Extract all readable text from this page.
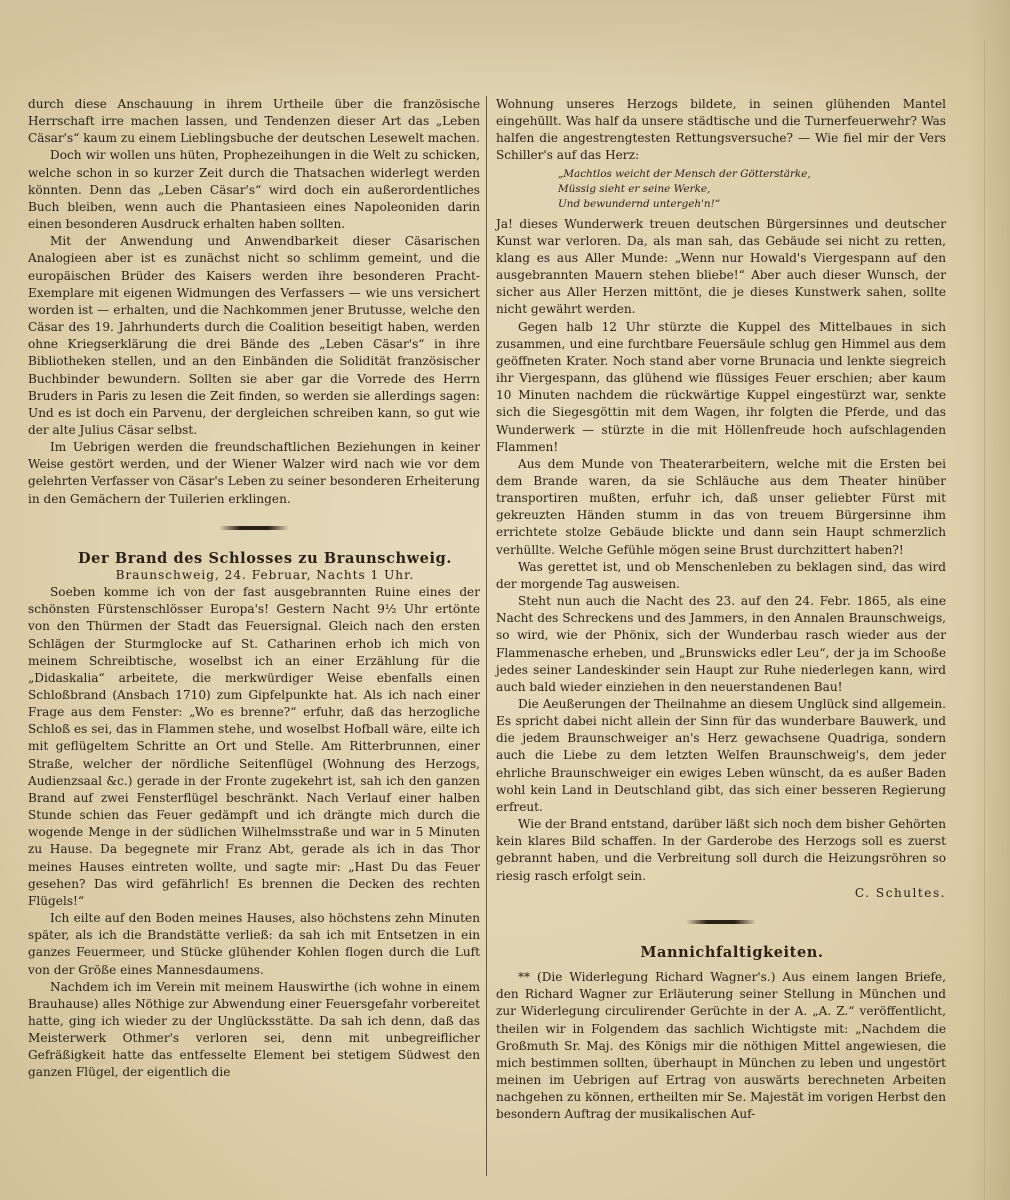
durch diese Anschauung in ihrem Urtheile über die französische Herrschaft irre machen lassen, und Tendenzen dieser Art das „Leben Cäsar's“ kaum zu einem Lieblingsbuche der deutschen Lesewelt machen.

Doch wir wollen uns hüten, Prophezeihungen in die Welt zu schicken, welche schon in so kurzer Zeit durch die Thatsachen widerlegt werden könnten. Denn das „Leben Cäsar's“ wird doch ein außerordentliches Buch bleiben, wenn auch die Phantasieen eines Napoleoniden darin einen besonderen Ausdruck erhalten haben sollten.

Mit der Anwendung und Anwendbarkeit dieser Cäsarischen Analogieen aber ist es zunächst nicht so schlimm gemeint, und die europäischen Brüder des Kaisers werden ihre besonderen Pracht-Exemplare mit eigenen Widmungen des Verfassers — wie uns versichert worden ist — erhalten, und die Nachkommen jener Brutusse, welche den Cäsar des 19. Jahrhunderts durch die Coalition beseitigt haben, werden ohne Kriegserklärung die drei Bände des „Leben Cäsar's“ in ihre Bibliotheken stellen, und an den Einbänden die Solidität französischer Buchbinder bewundern. Sollten sie aber gar die Vorrede des Herrn Bruders in Paris zu lesen die Zeit finden, so werden sie allerdings sagen: Und es ist doch ein Parvenu, der dergleichen schreiben kann, so gut wie der alte Julius Cäsar selbst.

Im Uebrigen werden die freundschaftlichen Beziehungen in keiner Weise gestört werden, und der Wiener Walzer wird nach wie vor dem gelehrten Verfasser von Cäsar's Leben zu seiner besonderen Erheiterung in den Gemächern der Tuilerien erklingen.

Der Brand des Schlosses zu Braunschweig.

Braunschweig, 24. Februar, Nachts 1 Uhr.

Soeben komme ich von der fast ausgebrannten Ruine eines der schönsten Fürstenschlösser Europa's! Gestern Nacht 9½ Uhr ertönte von den Thürmen der Stadt das Feuersignal. Gleich nach den ersten Schlägen der Sturmglocke auf St. Catharinen erhob ich mich von meinem Schreibtische, woselbst ich an einer Erzählung für die „Didaskalia“ arbeitete, die merkwürdiger Weise ebenfalls einen Schloßbrand (Ansbach 1710) zum Gipfelpunkte hat. Als ich nach einer Frage aus dem Fenster: „Wo es brenne?“ erfuhr, daß das herzogliche Schloß es sei, das in Flammen stehe, und woselbst Hofball wäre, eilte ich mit geflügeltem Schritte an Ort und Stelle. Am Ritterbrunnen, einer Straße, welcher der nördliche Seitenflügel (Wohnung des Herzogs, Audienzsaal &c.) gerade in der Fronte zugekehrt ist, sah ich den ganzen Brand auf zwei Fensterflügel beschränkt. Nach Verlauf einer halben Stunde schien das Feuer gedämpft und ich drängte mich durch die wogende Menge in der südlichen Wilhelmsstraße und war in 5 Minuten zu Hause. Da begegnete mir Franz Abt, gerade als ich in das Thor meines Hauses eintreten wollte, und sagte mir: „Hast Du das Feuer gesehen? Das wird gefährlich! Es brennen die Decken des rechten Flügels!“

Ich eilte auf den Boden meines Hauses, also höchstens zehn Minuten später, als ich die Brandstätte verließ: da sah ich mit Entsetzen in ein ganzes Feuermeer, und Stücke glühender Kohlen flogen durch die Luft von der Größe eines Mannesdaumens.

Nachdem ich im Verein mit meinem Hauswirthe (ich wohne in einem Brauhause) alles Nöthige zur Abwendung einer Feuersgefahr vorbereitet hatte, ging ich wieder zu der Unglücksstätte. Da sah ich denn, daß das Meisterwerk Othmer's verloren sei, denn mit unbegreiflicher Gefräßigkeit hatte das entfesselte Element bei stetigem Südwest den ganzen Flügel, der eigentlich die

Wohnung unseres Herzogs bildete, in seinen glühenden Mantel eingehüllt. Was half da unsere städtische und die Turnerfeuerwehr? Was halfen die angestrengtesten Rettungsversuche? — Wie fiel mir der Vers Schiller's auf das Herz:

„Machtlos weicht der Mensch der Götterstärke,
Müssig sieht er seine Werke,
Und bewundernd untergeh'n!“

Ja! dieses Wunderwerk treuen deutschen Bürgersinnes und deutscher Kunst war verloren. Da, als man sah, das Gebäude sei nicht zu retten, klang es aus Aller Munde: „Wenn nur Howald's Viergespann auf den ausgebrannten Mauern stehen bliebe!“ Aber auch dieser Wunsch, der sicher aus Aller Herzen mittönt, die je dieses Kunstwerk sahen, sollte nicht gewährt werden.

Gegen halb 12 Uhr stürzte die Kuppel des Mittelbaues in sich zusammen, und eine furchtbare Feuersäule schlug gen Himmel aus dem geöffneten Krater. Noch stand aber vorne Brunacia und lenkte siegreich ihr Viergespann, das glühend wie flüssiges Feuer erschien; aber kaum 10 Minuten nachdem die rückwärtige Kuppel eingestürzt war, senkte sich die Siegesgöttin mit dem Wagen, ihr folgten die Pferde, und das Wunderwerk — stürzte in die mit Höllenfreude hoch aufschlagenden Flammen!

Aus dem Munde von Theaterarbeitern, welche mit die Ersten bei dem Brande waren, da sie Schläuche aus dem Theater hinüber transportiren mußten, erfuhr ich, daß unser geliebter Fürst mit gekreuzten Händen stumm in das von treuem Bürgersinne ihm errichtete stolze Gebäude blickte und dann sein Haupt schmerzlich verhüllte. Welche Gefühle mögen seine Brust durchzittert haben?!

Was gerettet ist, und ob Menschenleben zu beklagen sind, das wird der morgende Tag ausweisen.

Steht nun auch die Nacht des 23. auf den 24. Febr. 1865, als eine Nacht des Schreckens und des Jammers, in den Annalen Braunschweigs, so wird, wie der Phönix, sich der Wunderbau rasch wieder aus der Flammenasche erheben, und „Brunswicks edler Leu“, der ja im Schooße jedes seiner Landeskinder sein Haupt zur Ruhe niederlegen kann, wird auch bald wieder einziehen in den neuerstandenen Bau!

Die Aeußerungen der Theilnahme an diesem Unglück sind allgemein. Es spricht dabei nicht allein der Sinn für das wunderbare Bauwerk, und die jedem Braunschweiger an's Herz gewachsene Quadriga, sondern auch die Liebe zu dem letzten Welfen Braunschweig's, dem jeder ehrliche Braunschweiger ein ewiges Leben wünscht, da es außer Baden wohl kein Land in Deutschland gibt, das sich einer besseren Regierung erfreut.

Wie der Brand entstand, darüber läßt sich noch dem bisher Gehörten kein klares Bild schaffen. In der Garderobe des Herzogs soll es zuerst gebrannt haben, und die Verbreitung soll durch die Heizungsröhren so riesig rasch erfolgt sein.

C. Schultes.

Mannichfaltigkeiten.

** (Die Widerlegung Richard Wagner's.) Aus einem langen Briefe, den Richard Wagner zur Erläuterung seiner Stellung in München und zur Widerlegung circulirender Gerüchte in der A. „A. Z.“ veröffentlicht, theilen wir in Folgendem das sachlich Wichtigste mit: „Nachdem die Großmuth Sr. Maj. des Königs mir die nöthigen Mittel angewiesen, die mich bestimmen sollten, überhaupt in München zu leben und ungestört meinen im Uebrigen auf Ertrag von auswärts berechneten Arbeiten nachgehen zu können, ertheilten mir Se. Majestät im vorigen Herbst den besondern Auftrag der musikalischen Auf-
